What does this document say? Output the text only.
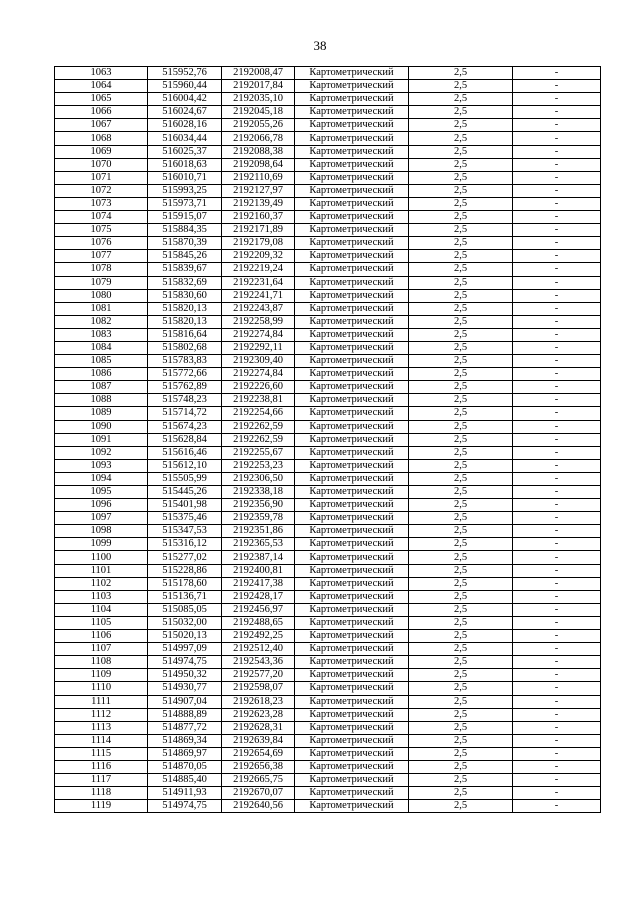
38
1063	515952,76	2192008,47	Картометрический	2,5	-
1064	515960,44	2192017,84	Картометрический	2,5	-
1065	516004,42	2192035,10	Картометрический	2,5	-
1066	516024,67	2192045,18	Картометрический	2,5	-
1067	516028,16	2192055,26	Картометрический	2,5	-
1068	516034,44	2192066,78	Картометрический	2,5	-
1069	516025,37	2192088,38	Картометрический	2,5	-
1070	516018,63	2192098,64	Картометрический	2,5	-
1071	516010,71	2192110,69	Картометрический	2,5	-
1072	515993,25	2192127,97	Картометрический	2,5	-
1073	515973,71	2192139,49	Картометрический	2,5	-
1074	515915,07	2192160,37	Картометрический	2,5	-
1075	515884,35	2192171,89	Картометрический	2,5	-
1076	515870,39	2192179,08	Картометрический	2,5	-
1077	515845,26	2192209,32	Картометрический	2,5	-
1078	515839,67	2192219,24	Картометрический	2,5	-
1079	515832,69	2192231,64	Картометрический	2,5	-
1080	515830,60	2192241,71	Картометрический	2,5	-
1081	515820,13	2192243,87	Картометрический	2,5	-
1082	515820,13	2192258,99	Картометрический	2,5	-
1083	515816,64	2192274,84	Картометрический	2,5	-
1084	515802,68	2192292,11	Картометрический	2,5	-
1085	515783,83	2192309,40	Картометрический	2,5	-
1086	515772,66	2192274,84	Картометрический	2,5	-
1087	515762,89	2192226,60	Картометрический	2,5	-
1088	515748,23	2192238,81	Картометрический	2,5	-
1089	515714,72	2192254,66	Картометрический	2,5	-
1090	515674,23	2192262,59	Картометрический	2,5	-
1091	515628,84	2192262,59	Картометрический	2,5	-
1092	515616,46	2192255,67	Картометрический	2,5	-
1093	515612,10	2192253,23	Картометрический	2,5	-
1094	515505,99	2192306,50	Картометрический	2,5	-
1095	515445,26	2192338,18	Картометрический	2,5	-
1096	515401,98	2192356,90	Картометрический	2,5	-
1097	515375,46	2192359,78	Картометрический	2,5	-
1098	515347,53	2192351,86	Картометрический	2,5	-
1099	515316,12	2192365,53	Картометрический	2,5	-
1100	515277,02	2192387,14	Картометрический	2,5	-
1101	515228,86	2192400,81	Картометрический	2,5	-
1102	515178,60	2192417,38	Картометрический	2,5	-
1103	515136,71	2192428,17	Картометрический	2,5	-
1104	515085,05	2192456,97	Картометрический	2,5	-
1105	515032,00	2192488,65	Картометрический	2,5	-
1106	515020,13	2192492,25	Картометрический	2,5	-
1107	514997,09	2192512,40	Картометрический	2,5	-
1108	514974,75	2192543,36	Картометрический	2,5	-
1109	514950,32	2192577,20	Картометрический	2,5	-
1110	514930,77	2192598,07	Картометрический	2,5	-
1111	514907,04	2192618,23	Картометрический	2,5	-
1112	514888,89	2192623,28	Картометрический	2,5	-
1113	514877,72	2192628,31	Картометрический	2,5	-
1114	514869,34	2192639,84	Картометрический	2,5	-
1115	514869,97	2192654,69	Картометрический	2,5	-
1116	514870,05	2192656,38	Картометрический	2,5	-
1117	514885,40	2192665,75	Картометрический	2,5	-
1118	514911,93	2192670,07	Картометрический	2,5	-
1119	514974,75	2192640,56	Картометрический	2,5	-
